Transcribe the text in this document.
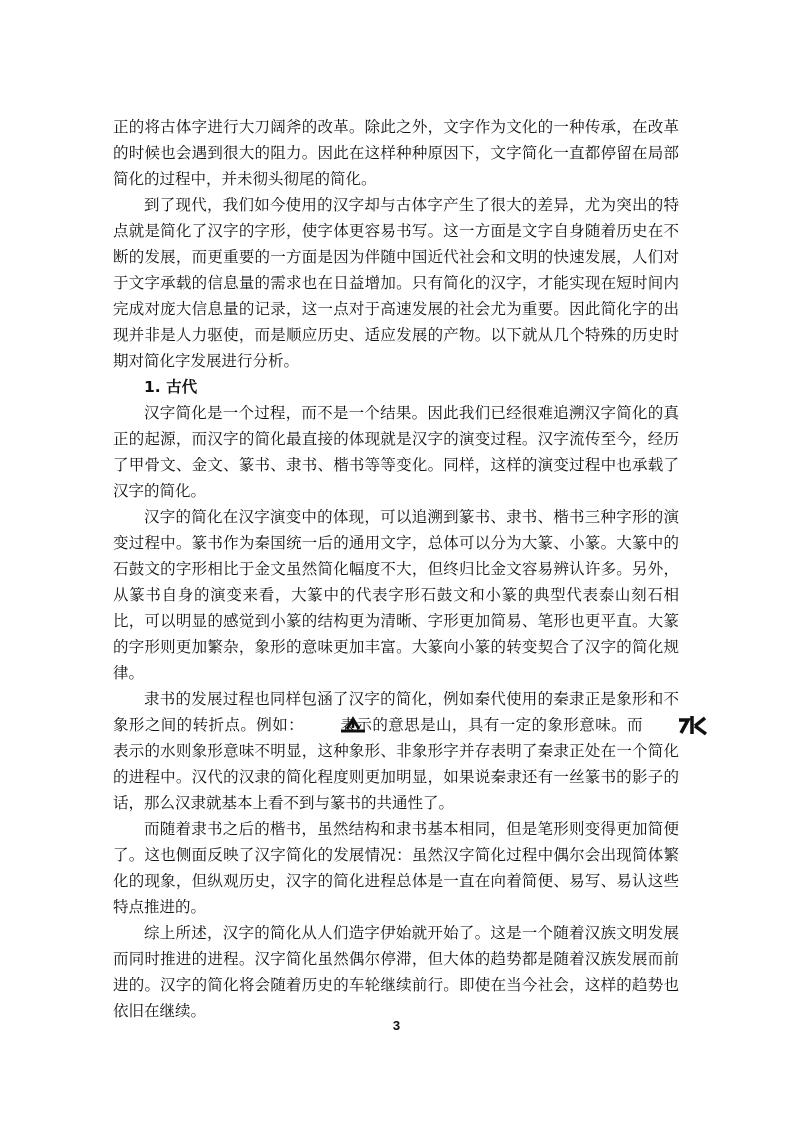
正的将古体字进行大刀阔斧的改革。除此之外，文字作为文化的一种传承，在改革的时候也会遇到很大的阻力。因此在这样种种原因下，文字简化一直都停留在局部简化的过程中，并未彻头彻尾的简化。

到了现代，我们如今使用的汉字却与古体字产生了很大的差异，尤为突出的特点就是简化了汉字的字形，使字体更容易书写。这一方面是文字自身随着历史在不断的发展，而更重要的一方面是因为伴随中国近代社会和文明的快速发展，人们对于文字承载的信息量的需求也在日益增加。只有简化的汉字，才能实现在短时间内完成对庞大信息量的记录，这一点对于高速发展的社会尤为重要。因此简化字的出现并非是人力驱使，而是顺应历史、适应发展的产物。以下就从几个特殊的历史时期对简化字发展进行分析。

1. 古代

汉字简化是一个过程，而不是一个结果。因此我们已经很难追溯汉字简化的真正的起源，而汉字的简化最直接的体现就是汉字的演变过程。汉字流传至今，经历了甲骨文、金文、篆书、隶书、楷书等等变化。同样，这样的演变过程中也承载了汉字的简化。

汉字的简化在汉字演变中的体现，可以追溯到篆书、隶书、楷书三种字形的演变过程中。篆书作为秦国统一后的通用文字，总体可以分为大篆、小篆。大篆中的石鼓文的字形相比于金文虽然简化幅度不大，但终归比金文容易辨认许多。另外，从篆书自身的演变来看，大篆中的代表字形石鼓文和小篆的典型代表泰山刻石相比，可以明显的感觉到小篆的结构更为清晰、字形更加简易、笔形也更平直。大篆的字形则更加繁杂，象形的意味更加丰富。大篆向小篆的转变契合了汉字的简化规律。

隶书的发展过程也同样包涵了汉字的简化，例如秦代使用的秦隶正是象形和不象形之间的转折点。例如： 表示的意思是山，具有一定的象形意味。而表示的水则象形意味不明显，这种象形、非象形字并存表明了秦隶正处在一个简化的进程中。汉代的汉隶的简化程度则更加明显，如果说秦隶还有一丝篆书的影子的话，那么汉隶就基本上看不到与篆书的共通性了。

而随着隶书之后的楷书，虽然结构和隶书基本相同，但是笔形则变得更加简便了。这也侧面反映了汉字简化的发展情况：虽然汉字简化过程中偶尔会出现简体繁化的现象，但纵观历史，汉字的简化进程总体是一直在向着简便、易写、易认这些特点推进的。

综上所述，汉字的简化从人们造字伊始就开始了。这是一个随着汉族文明发展而同时推进的进程。汉字简化虽然偶尔停滞，但大体的趋势都是随着汉族发展而前进的。汉字的简化将会随着历史的车轮继续前行。即使在当今社会，这样的趋势也依旧在继续。

3
